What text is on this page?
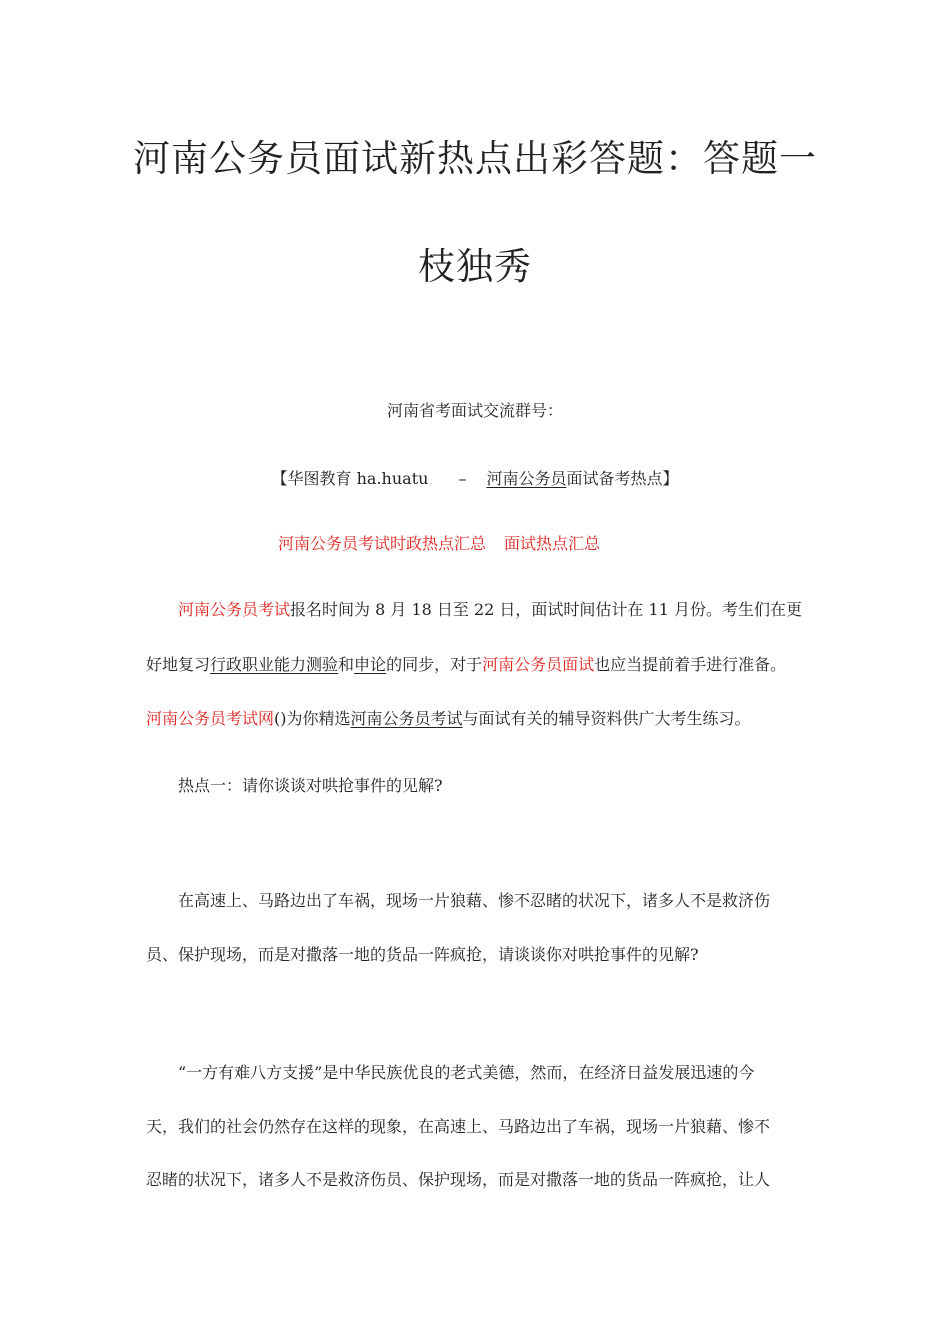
河南公务员面试新热点出彩答题：答题一
枝独秀
河南省考面试交流群号：
【华图教育 ha.huatu – 河南公务员面试备考热点】
河南公务员考试时政热点汇总 面试热点汇总
河南公务员考试报名时间为 8 月 18 日至 22 日，面试时间估计在 11 月份。考生们在更
好地复习行政职业能力测验和申论的同步，对于河南公务员面试也应当提前着手进行准备。
河南公务员考试网()为你精选河南公务员考试与面试有关的辅导资料供广大考生练习。
热点一：请你谈谈对哄抢事件的见解?
在高速上、马路边出了车祸，现场一片狼藉、惨不忍睹的状况下，诸多人不是救济伤
员、保护现场，而是对撒落一地的货品一阵疯抢，请谈谈你对哄抢事件的见解?
“一方有难八方支援”是中华民族优良的老式美德，然而，在经济日益发展迅速的今
天，我们的社会仍然存在这样的现象，在高速上、马路边出了车祸，现场一片狼藉、惨不
忍睹的状况下，诸多人不是救济伤员、保护现场，而是对撒落一地的货品一阵疯抢，让人
